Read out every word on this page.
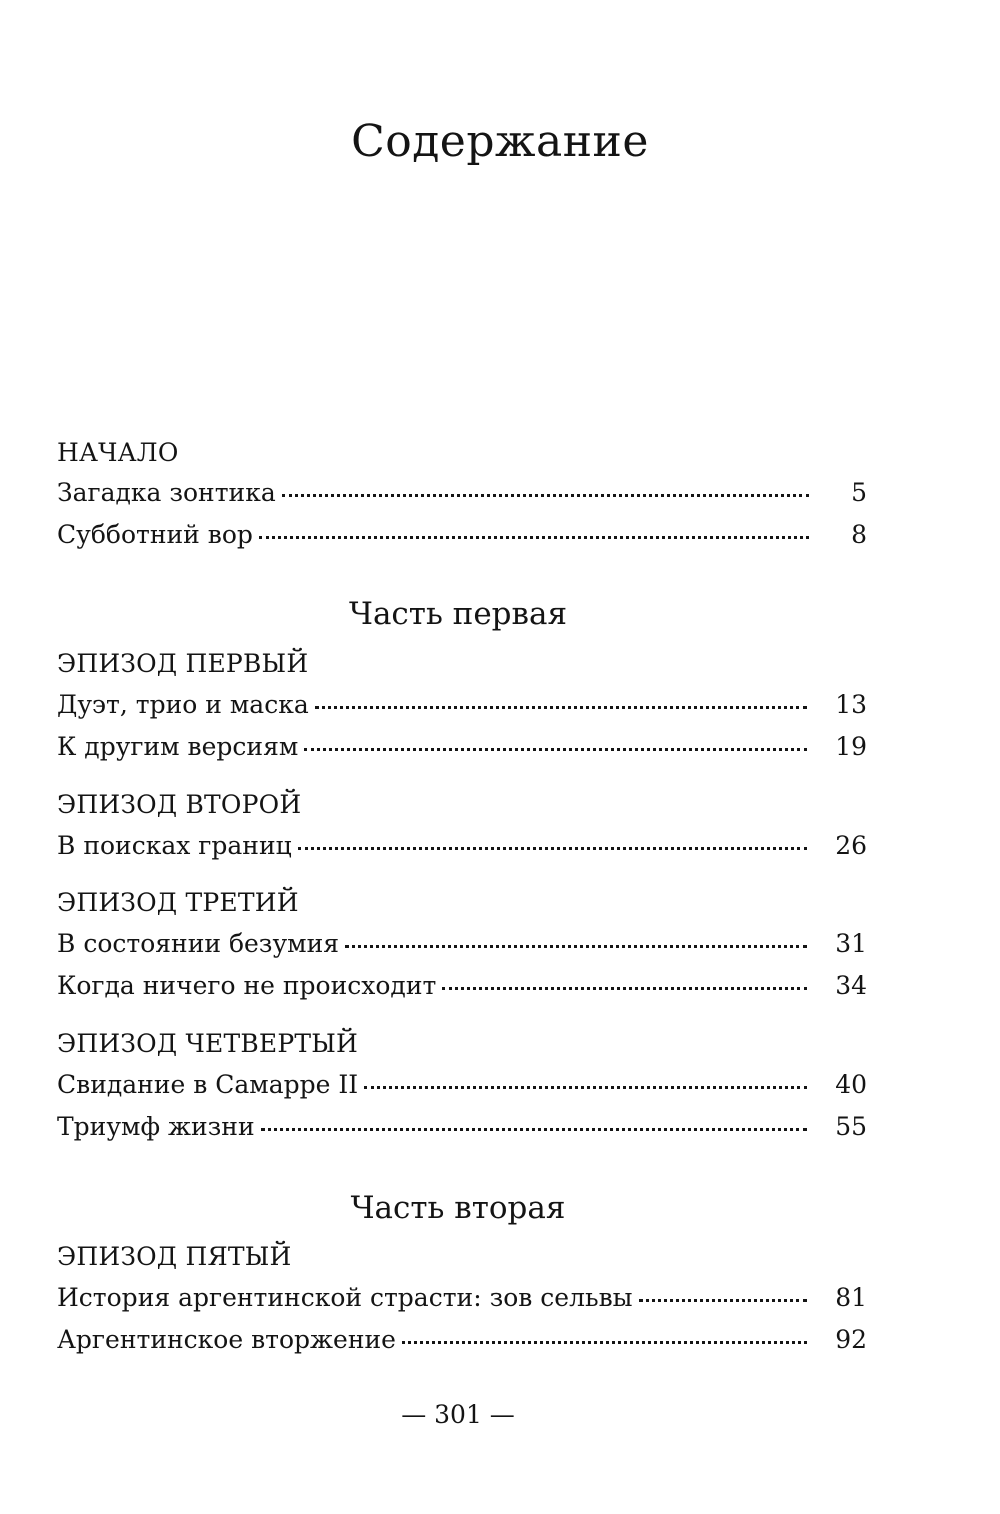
Содержание
НАЧАЛО
Загадка зонтика	5
Субботний вор	8
Часть первая
ЭПИЗОД ПЕРВЫЙ
Дуэт, трио и маска	13
К другим версиям	19
ЭПИЗОД ВТОРОЙ
В поисках границ	26
ЭПИЗОД ТРЕТИЙ
В состоянии безумия	31
Когда ничего не происходит	34
ЭПИЗОД ЧЕТВЕРТЫЙ
Свидание в Самарре II	40
Триумф жизни	55
Часть вторая
ЭПИЗОД ПЯТЫЙ
История аргентинской страсти: зов сельвы	81
Аргентинское вторжение	92
— 301 —
